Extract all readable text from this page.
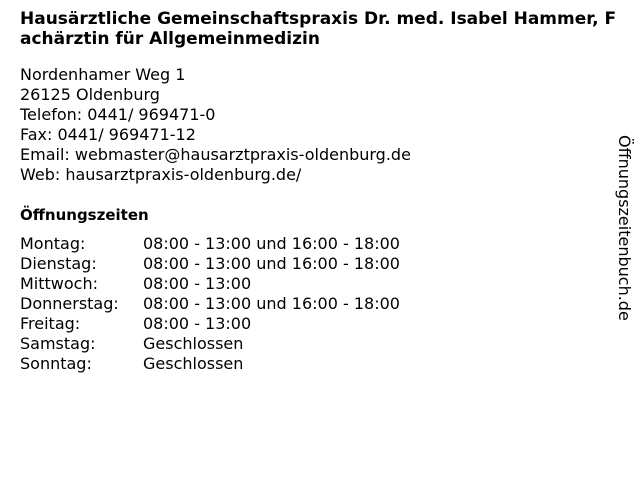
Hausärztliche Gemeinschaftspraxis Dr. med. Isabel Hammer, Fachärztin für Allgemeinmedizin
Nordenhamer Weg 1
26125 Oldenburg
Telefon: 0441/ 969471-0
Fax: 0441/ 969471-12
Email: webmaster@hausarztpraxis-oldenburg.de
Web: hausarztpraxis-oldenburg.de/
Öffnungszeiten
Montag:	08:00 - 13:00 und 16:00 - 18:00
Dienstag:	08:00 - 13:00 und 16:00 - 18:00
Mittwoch:	08:00 - 13:00
Donnerstag:	08:00 - 13:00 und 16:00 - 18:00
Freitag:	08:00 - 13:00
Samstag:	Geschlossen
Sonntag:	Geschlossen
Öffnungszeitenbuch.de
